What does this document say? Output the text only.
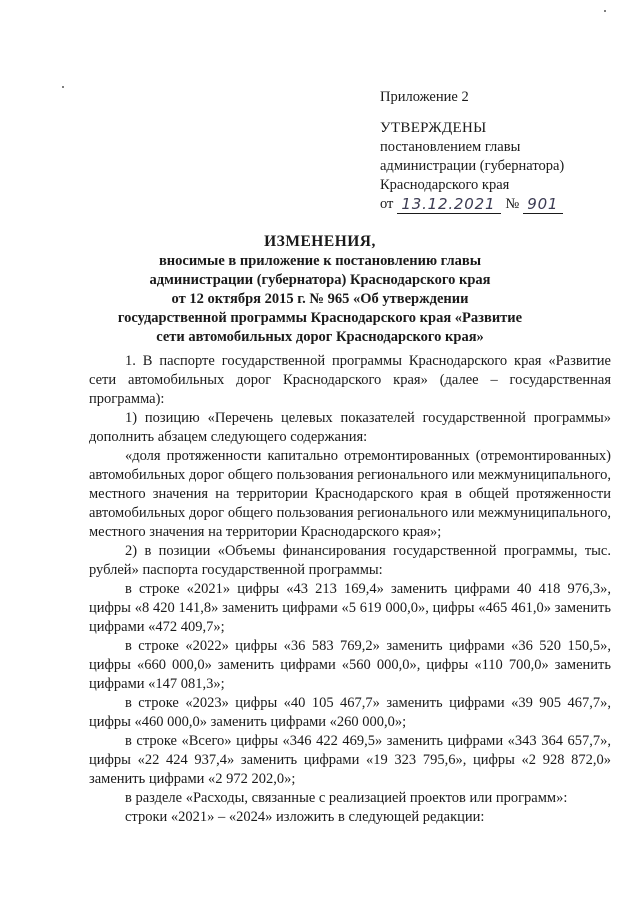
Приложение 2
УТВЕРЖДЕНЫ
постановлением главы
администрации (губернатора)
Краснодарского края
от 13.12.2021 № 901
ИЗМЕНЕНИЯ,
вносимые в приложение к постановлению главы
администрации (губернатора) Краснодарского края
от 12 октября 2015 г. № 965 «Об утверждении
государственной программы Краснодарского края «Развитие
сети автомобильных дорог Краснодарского края»

1. В паспорте государственной программы Краснодарского края «Развитие сети автомобильных дорог Краснодарского края» (далее – государственная программа):

1) позицию «Перечень целевых показателей государственной программы» дополнить абзацем следующего содержания:

«доля протяженности капитально отремонтированных (отремонтированных) автомобильных дорог общего пользования регионального или межмуниципального, местного значения на территории Краснодарского края в общей протяженности автомобильных дорог общего пользования регионального или межмуниципального, местного значения на территории Краснодарского края»;

2) в позиции «Объемы финансирования государственной программы, тыс. рублей» паспорта государственной программы:

в строке «2021» цифры «43 213 169,4» заменить цифрами 40 418 976,3», цифры «8 420 141,8» заменить цифрами «5 619 000,0», цифры «465 461,0» заменить цифрами «472 409,7»;

в строке «2022» цифры «36 583 769,2» заменить цифрами «36 520 150,5», цифры «660 000,0» заменить цифрами «560 000,0», цифры «110 700,0» заменить цифрами «147 081,3»;

в строке «2023» цифры «40 105 467,7» заменить цифрами «39 905 467,7», цифры «460 000,0» заменить цифрами «260 000,0»;

в строке «Всего» цифры «346 422 469,5» заменить цифрами «343 364 657,7», цифры «22 424 937,4» заменить цифрами «19 323 795,6», цифры «2 928 872,0» заменить цифрами «2 972 202,0»;

в разделе «Расходы, связанные с реализацией проектов или программ»:

строки «2021» – «2024» изложить в следующей редакции:
